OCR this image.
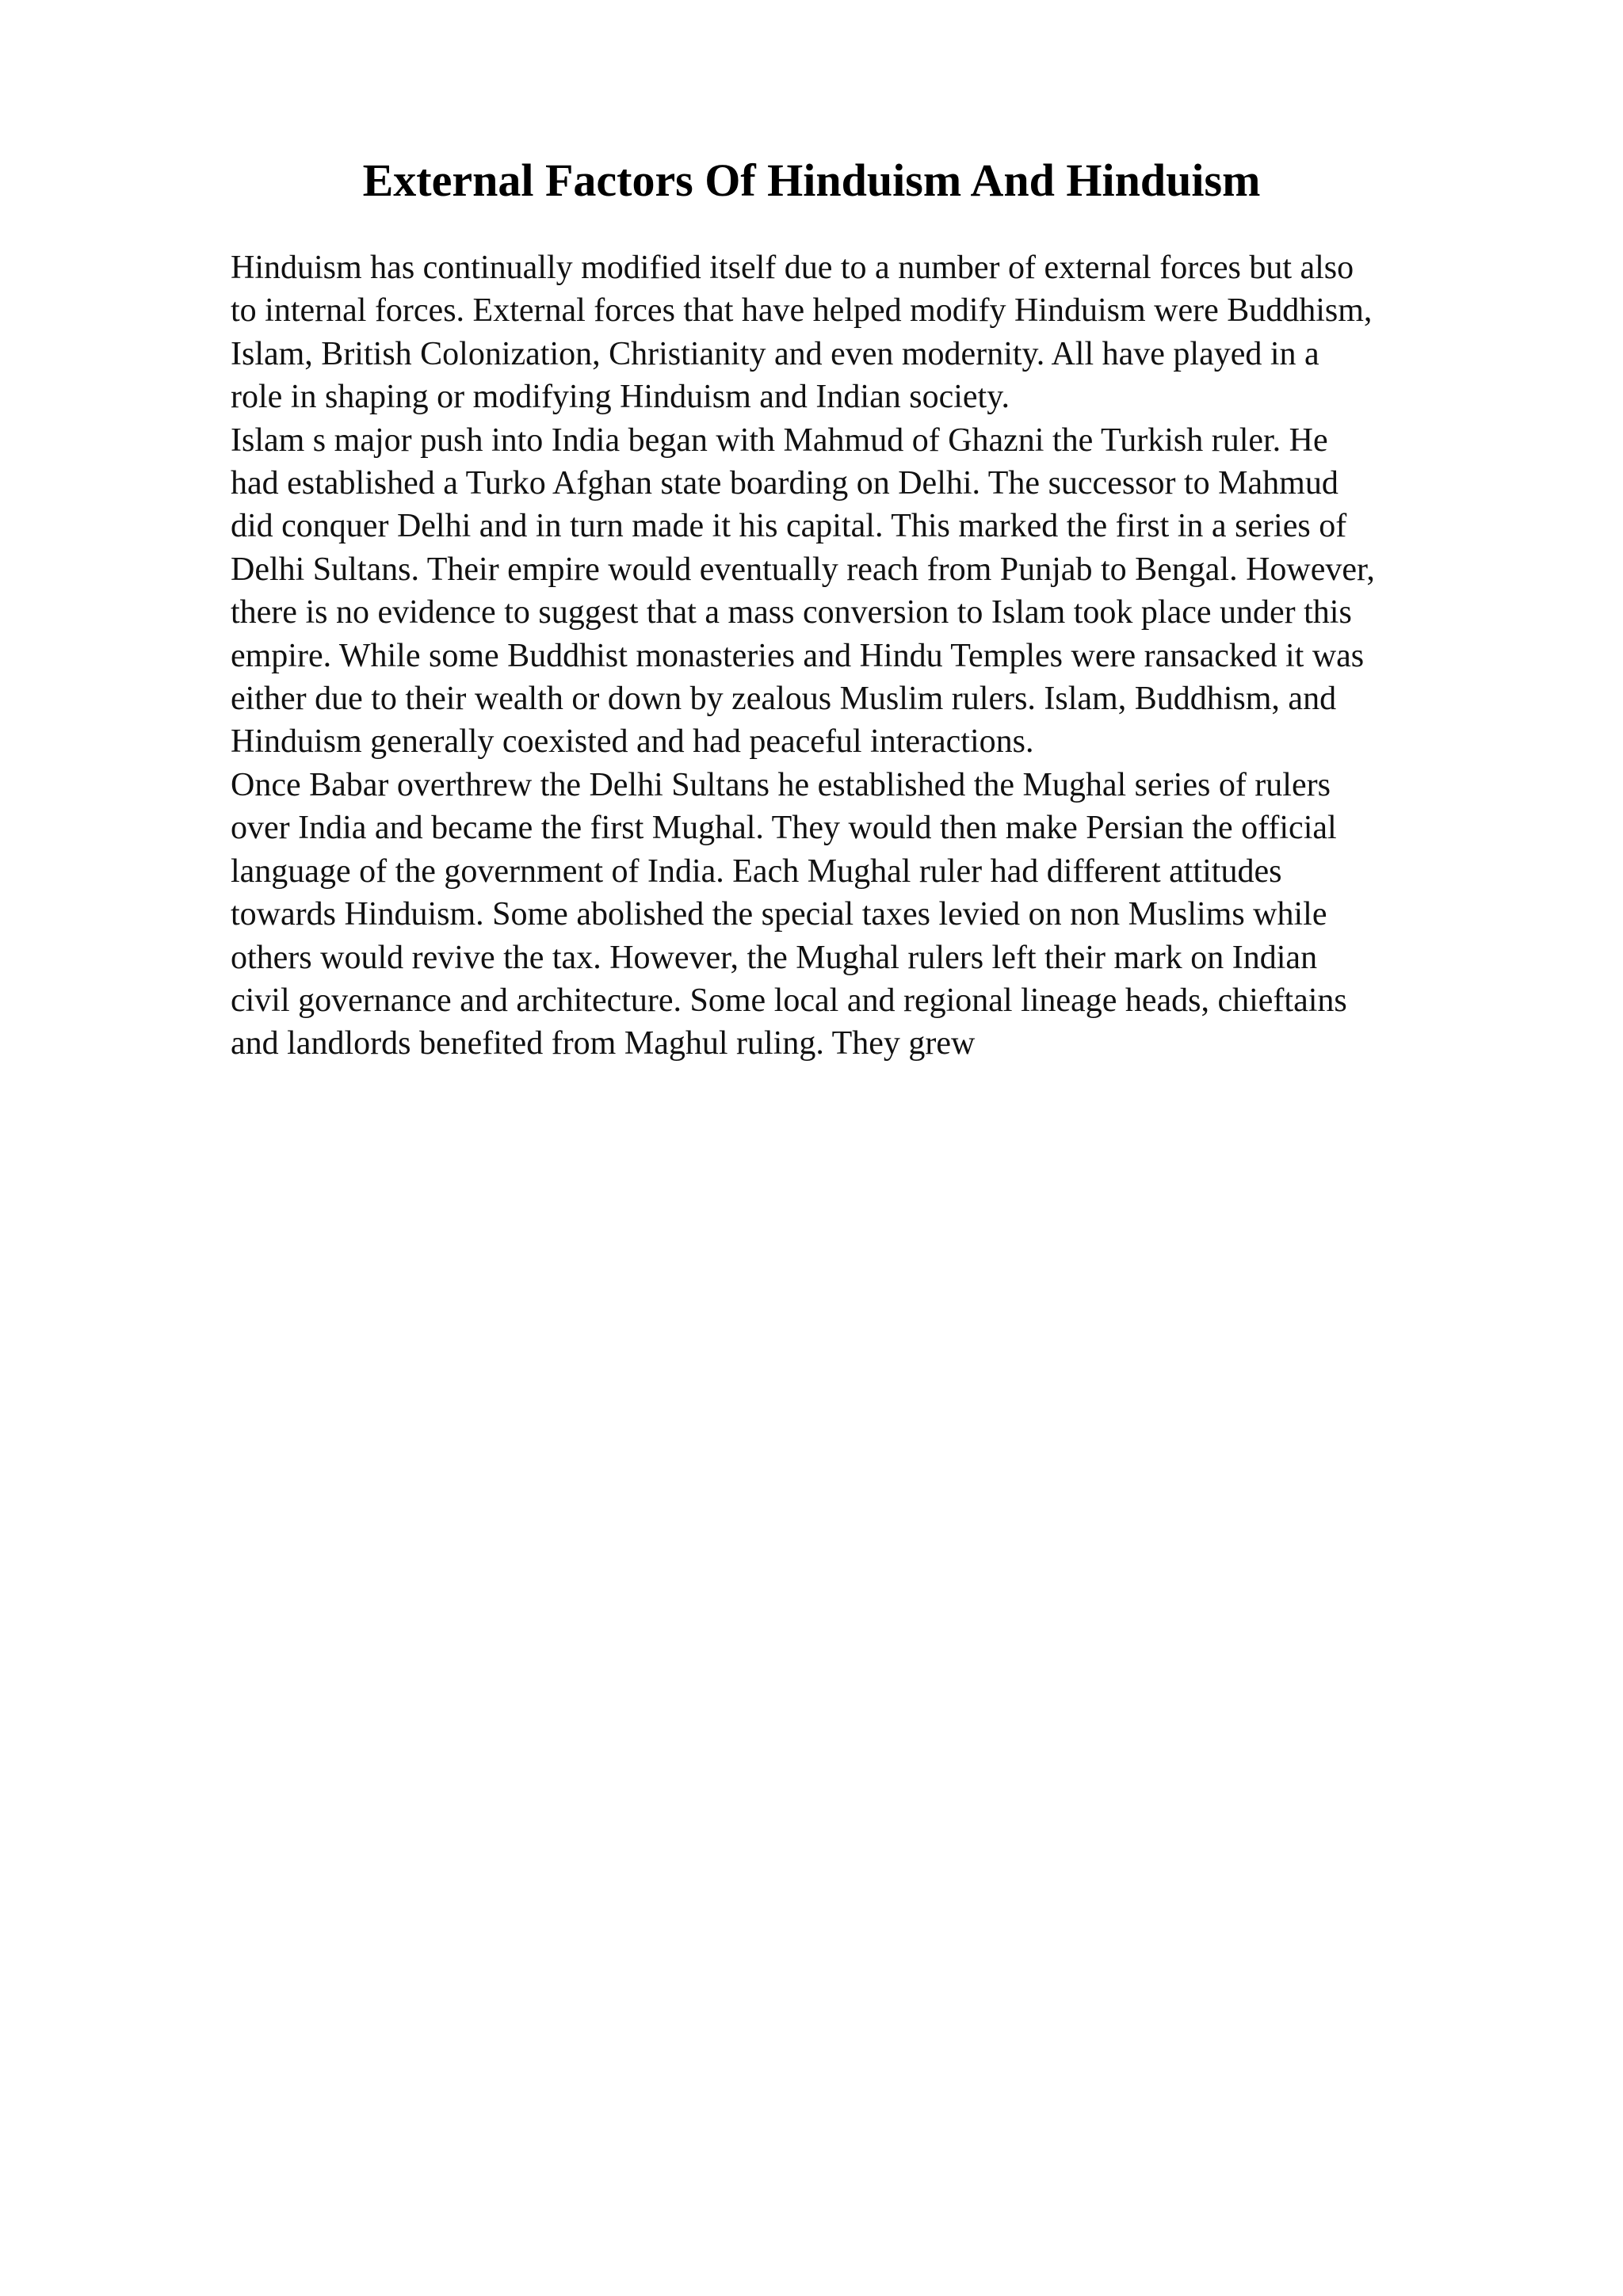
External Factors Of Hinduism And Hinduism

Hinduism has continually modified itself due to a number of external forces but also
to internal forces. External forces that have helped modify Hinduism were Buddhism,
Islam, British Colonization, Christianity and even modernity. All have played in a
role in shaping or modifying Hinduism and Indian society.

Islam s major push into India began with Mahmud of Ghazni the Turkish ruler. He
had established a Turko Afghan state boarding on Delhi. The successor to Mahmud
did conquer Delhi and in turn made it his capital. This marked the first in a series of
Delhi Sultans. Their empire would eventually reach from Punjab to Bengal. However,
there is no evidence to suggest that a mass conversion to Islam took place under this
empire. While some Buddhist monasteries and Hindu Temples were ransacked it was
either due to their wealth or down by zealous Muslim rulers. Islam, Buddhism, and
Hinduism generally coexisted and had peaceful interactions.

Once Babar overthrew the Delhi Sultans he established the Mughal series of rulers
over India and became the first Mughal. They would then make Persian the official
language of the government of India. Each Mughal ruler had different attitudes
towards Hinduism. Some abolished the special taxes levied on non Muslims while
others would revive the tax. However, the Mughal rulers left their mark on Indian
civil governance and architecture. Some local and regional lineage heads, chieftains
and landlords benefited from Maghul ruling. They grew
